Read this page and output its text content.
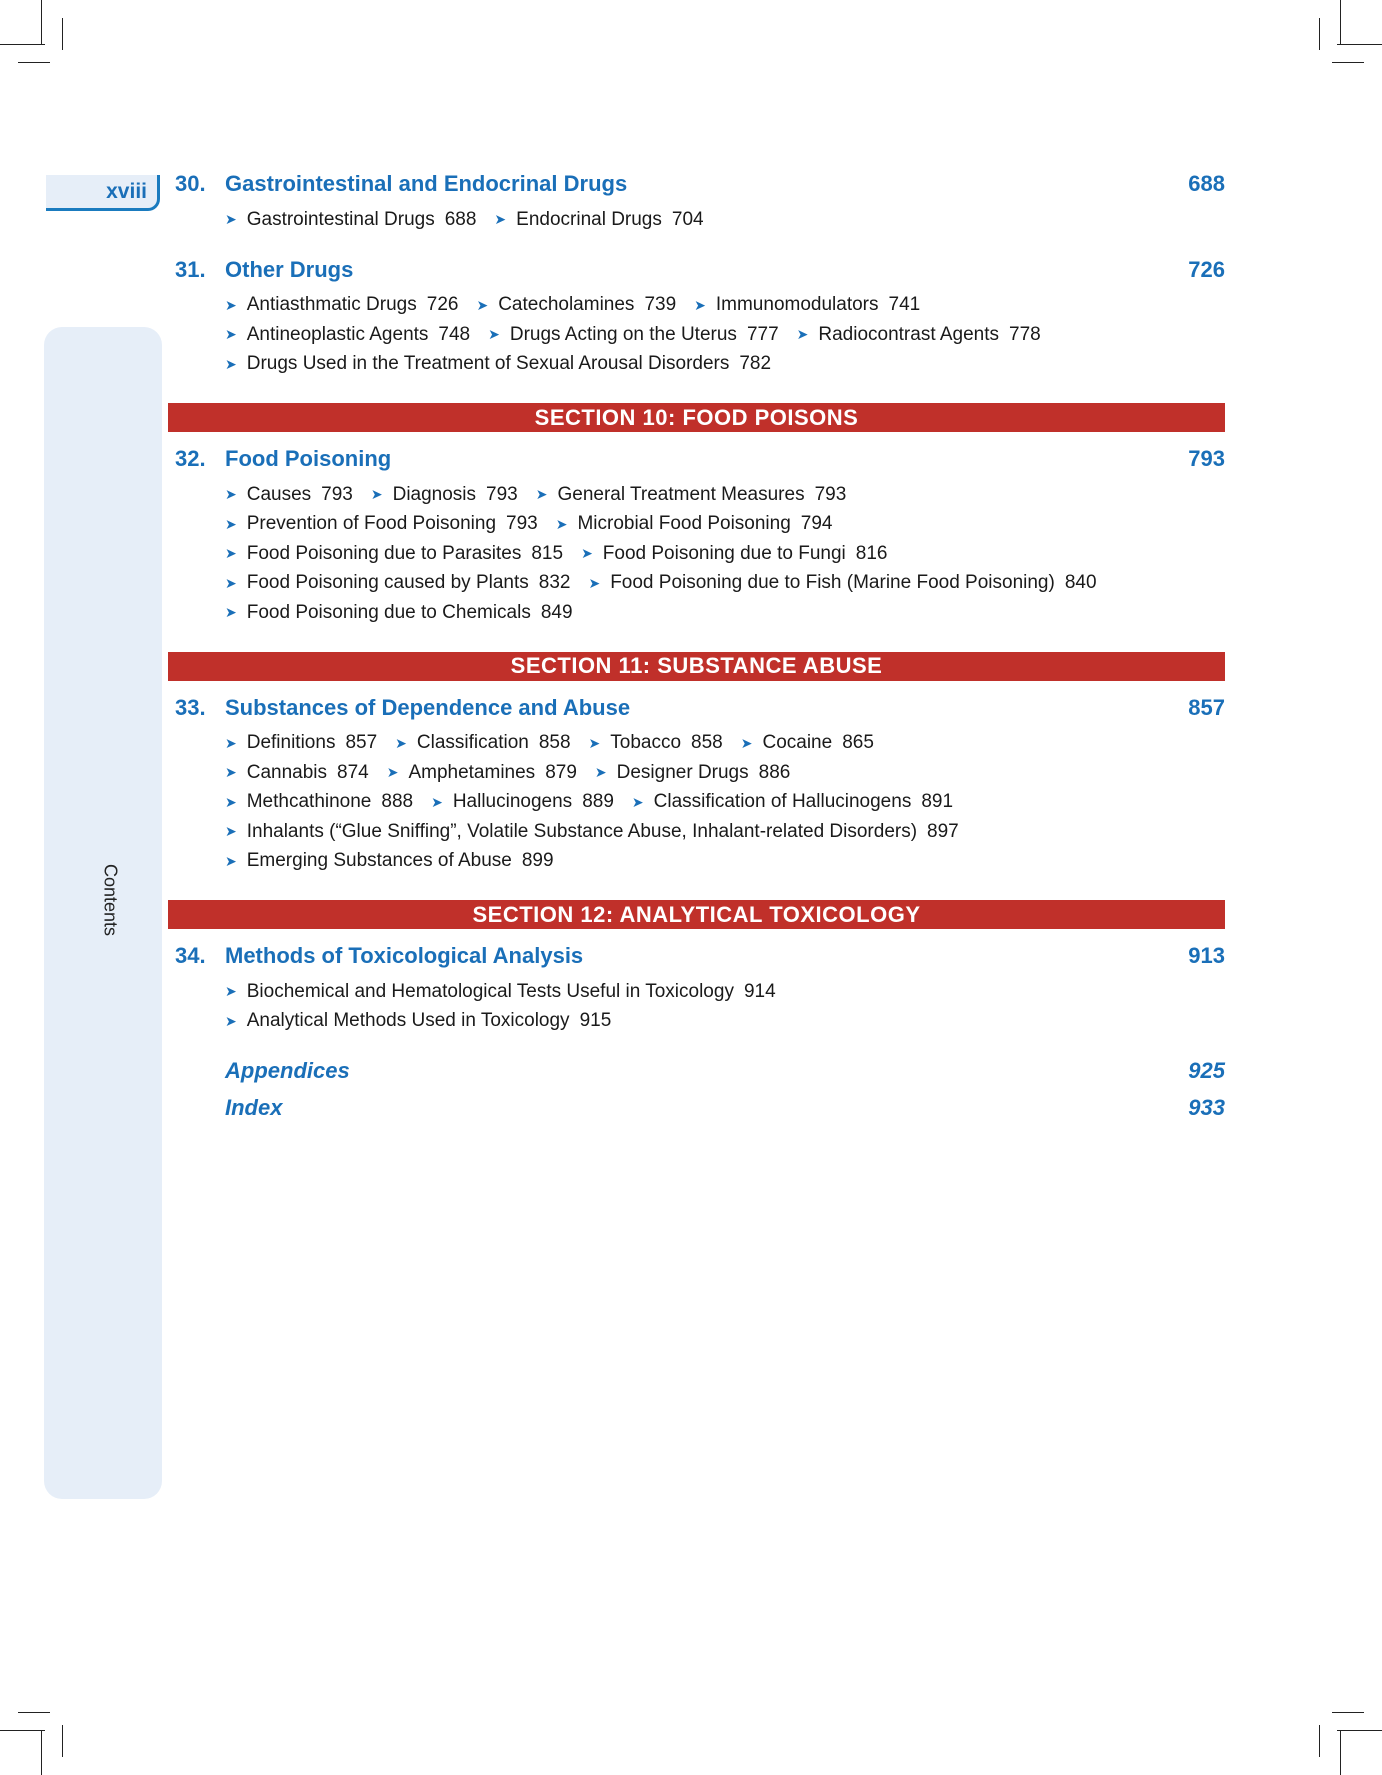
Contents
xviii 30. Gastrointestinal and Endocrinal Drugs	688
➤ Gastrointestinal Drugs 688 ➤ Endocrinal Drugs 704
31. Other Drugs	726
➤ Antiasthmatic Drugs 726 ➤ Catecholamines 739 ➤ Immunomodulators 741
➤ Antineoplastic Agents 748 ➤ Drugs Acting on the Uterus 777 ➤ Radiocontrast Agents 778
➤ Drugs Used in the Treatment of Sexual Arousal Disorders 782
SECTION 10: FOOD POISONS
32. Food Poisoning	793
➤ Causes 793 ➤ Diagnosis 793 ➤ General Treatment Measures 793
➤ Prevention of Food Poisoning 793 ➤ Microbial Food Poisoning 794
➤ Food Poisoning due to Parasites 815 ➤ Food Poisoning due to Fungi 816
➤ Food Poisoning caused by Plants 832 ➤ Food Poisoning due to Fish (Marine Food Poisoning) 840
➤ Food Poisoning due to Chemicals 849
SECTION 11: SUBSTANCE ABUSE
33. Substances of Dependence and Abuse	857
➤ Definitions 857 ➤ Classification 858 ➤ Tobacco 858 ➤ Cocaine 865
➤ Cannabis 874 ➤ Amphetamines 879 ➤ Designer Drugs 886
➤ Methcathinone 888 ➤ Hallucinogens 889 ➤ Classification of Hallucinogens 891
➤ Inhalants (“Glue Sniffing”, Volatile Substance Abuse, Inhalant-related Disorders) 897
➤ Emerging Substances of Abuse 899
SECTION 12: ANALYTICAL TOXICOLOGY
34. Methods of Toxicological Analysis	913
➤ Biochemical and Hematological Tests Useful in Toxicology 914
➤ Analytical Methods Used in Toxicology 915
Appendices	925
Index	933
